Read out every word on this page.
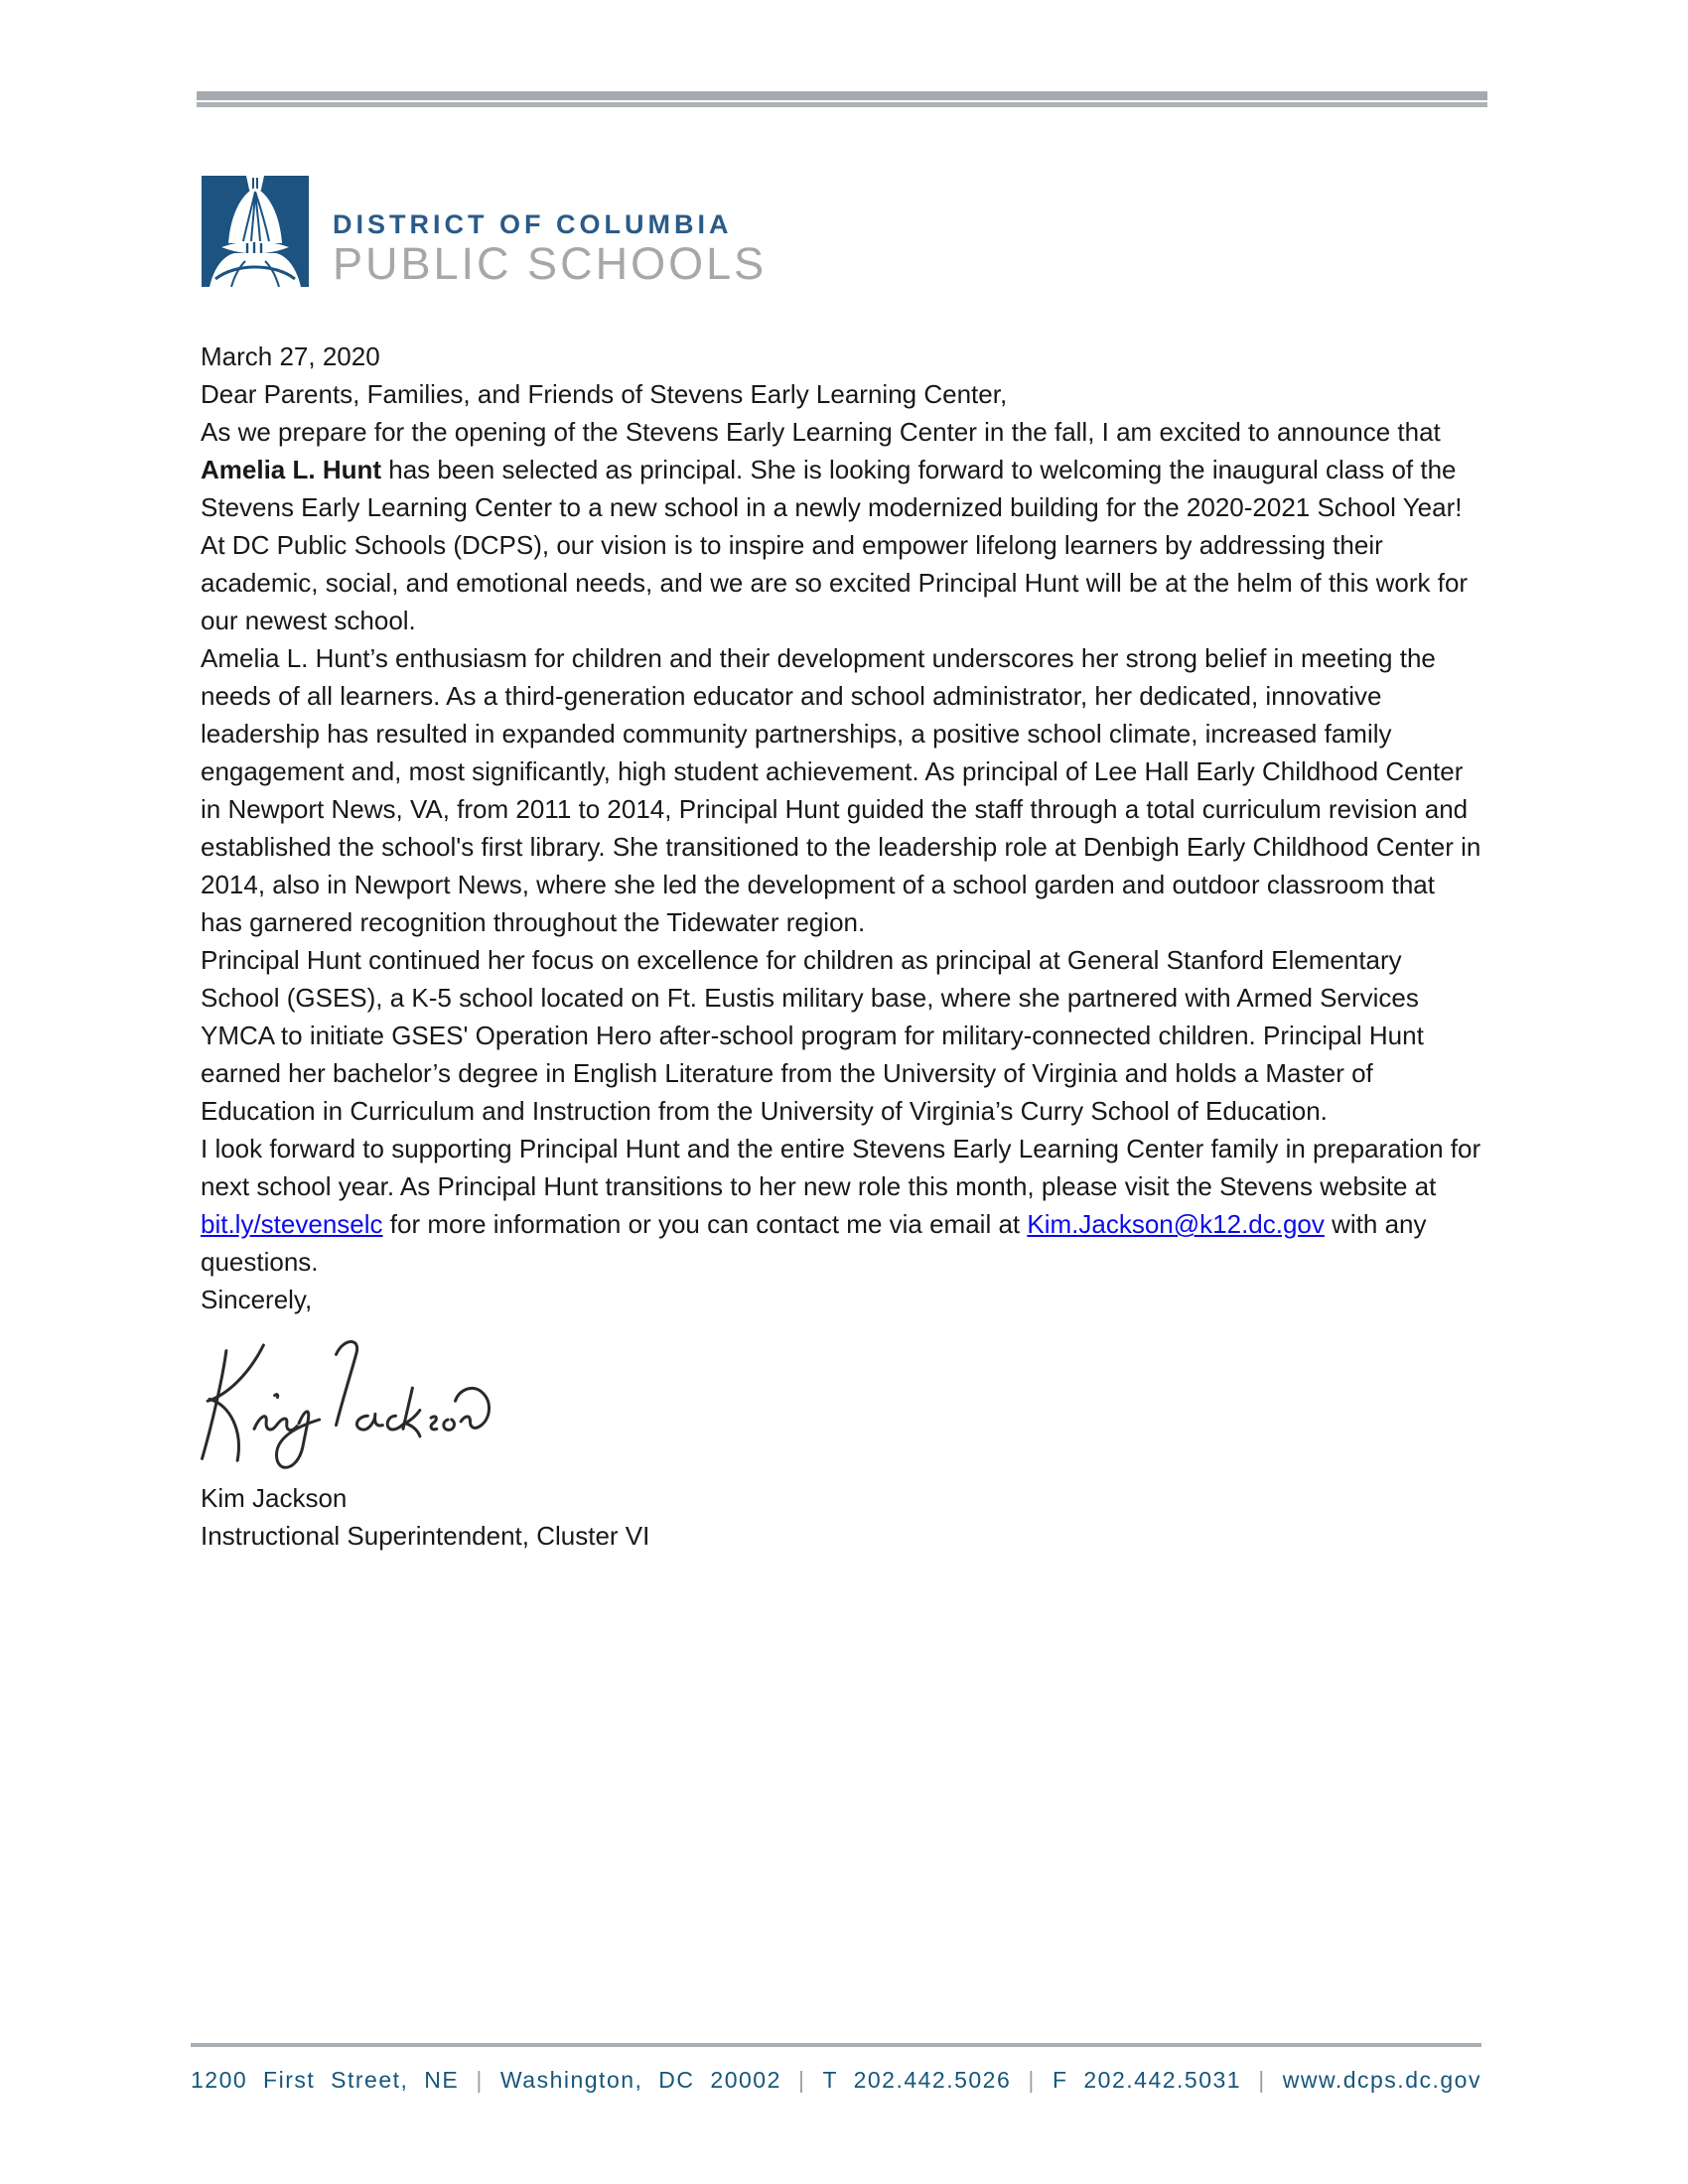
DISTRICT OF COLUMBIA
PUBLIC SCHOOLS

March 27, 2020

Dear Parents, Families, and Friends of Stevens Early Learning Center,

As we prepare for the opening of the Stevens Early Learning Center in the fall, I am excited to announce that Amelia L. Hunt has been selected as principal. She is looking forward to welcoming the inaugural class of the Stevens Early Learning Center to a new school in a newly modernized building for the 2020-2021 School Year! At DC Public Schools (DCPS), our vision is to inspire and empower lifelong learners by addressing their academic, social, and emotional needs, and we are so excited Principal Hunt will be at the helm of this work for our newest school.

Amelia L. Hunt’s enthusiasm for children and their development underscores her strong belief in meeting the needs of all learners. As a third-generation educator and school administrator, her dedicated, innovative leadership has resulted in expanded community partnerships, a positive school climate, increased family engagement and, most significantly, high student achievement. As principal of Lee Hall Early Childhood Center in Newport News, VA, from 2011 to 2014, Principal Hunt guided the staff through a total curriculum revision and established the school's first library. She transitioned to the leadership role at Denbigh Early Childhood Center in 2014, also in Newport News, where she led the development of a school garden and outdoor classroom that has garnered recognition throughout the Tidewater region.

Principal Hunt continued her focus on excellence for children as principal at General Stanford Elementary School (GSES), a K-5 school located on Ft. Eustis military base, where she partnered with Armed Services YMCA to initiate GSES' Operation Hero after-school program for military-connected children. Principal Hunt earned her bachelor’s degree in English Literature from the University of Virginia and holds a Master of Education in Curriculum and Instruction from the University of Virginia’s Curry School of Education.

I look forward to supporting Principal Hunt and the entire Stevens Early Learning Center family in preparation for next school year. As Principal Hunt transitions to her new role this month, please visit the Stevens website at bit.ly/stevenselc for more information or you can contact me via email at Kim.Jackson@k12.dc.gov with any questions.

Sincerely,

Kim Jackson

Instructional Superintendent, Cluster VI

1200 First Street, NE | Washington, DC 20002 | T 202.442.5026 | F 202.442.5031 | www.dcps.dc.gov
